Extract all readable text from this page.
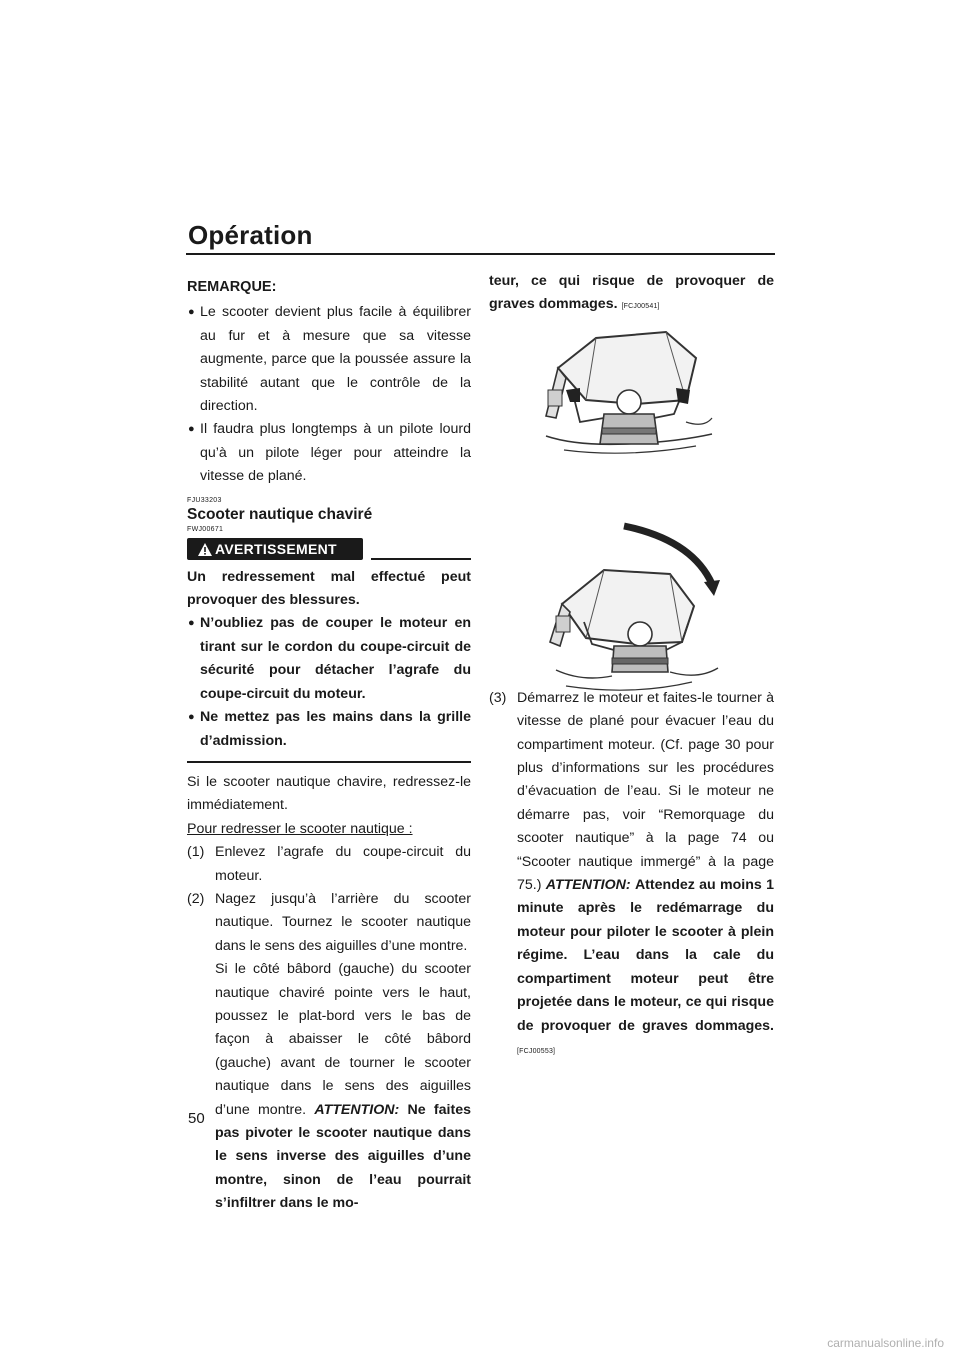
Opération
REMARQUE:
● Le scooter devient plus facile à équilibrer au fur et à mesure que sa vitesse augmente, parce que la poussée assure la stabilité autant que le contrôle de la direction.
● Il faudra plus longtemps à un pilote lourd qu’à un pilote léger pour atteindre la vitesse de plané.
FJU33203
Scooter nautique chaviré
FWJ00671
AVERTISSEMENT
Un redressement mal effectué peut provoquer des blessures.
● N’oubliez pas de couper le moteur en tirant sur le cordon du coupe-circuit de sécurité pour détacher l’agrafe du coupe-circuit du moteur.
● Ne mettez pas les mains dans la grille d’admission.
Si le scooter nautique chavire, redressez-le immédiatement.
Pour redresser le scooter nautique :
(1) Enlevez l’agrafe du coupe-circuit du moteur.
(2) Nagez jusqu’à l’arrière du scooter nautique. Tournez le scooter nautique dans le sens des aiguilles d’une montre.
Si le côté bâbord (gauche) du scooter nautique chaviré pointe vers le haut, poussez le plat-bord vers le bas de façon à abaisser le côté bâbord (gauche) avant de tourner le scooter nautique dans le sens des aiguilles d’une montre. ATTENTION: Ne faites pas pivoter le scooter nautique dans le sens inverse des aiguilles d’une montre, sinon de l’eau pourrait s’infiltrer dans le mo-
teur, ce qui risque de provoquer de graves dommages. [FCJ00541]
(3) Démarrez le moteur et faites-le tourner à vitesse de plané pour évacuer l’eau du compartiment moteur. (Cf. page 30 pour plus d’informations sur les procédures d’évacuation de l’eau. Si le moteur ne démarre pas, voir “Remorquage du scooter nautique” à la page 74 ou “Scooter nautique immergé” à la page 75.) ATTENTION: Attendez au moins 1 minute après le redémarrage du moteur pour piloter le scooter à plein régime. L’eau dans la cale du compartiment moteur peut être projetée dans le moteur, ce qui risque de provoquer de graves dommages. [FCJ00553]
50
carmanualsonline.info
